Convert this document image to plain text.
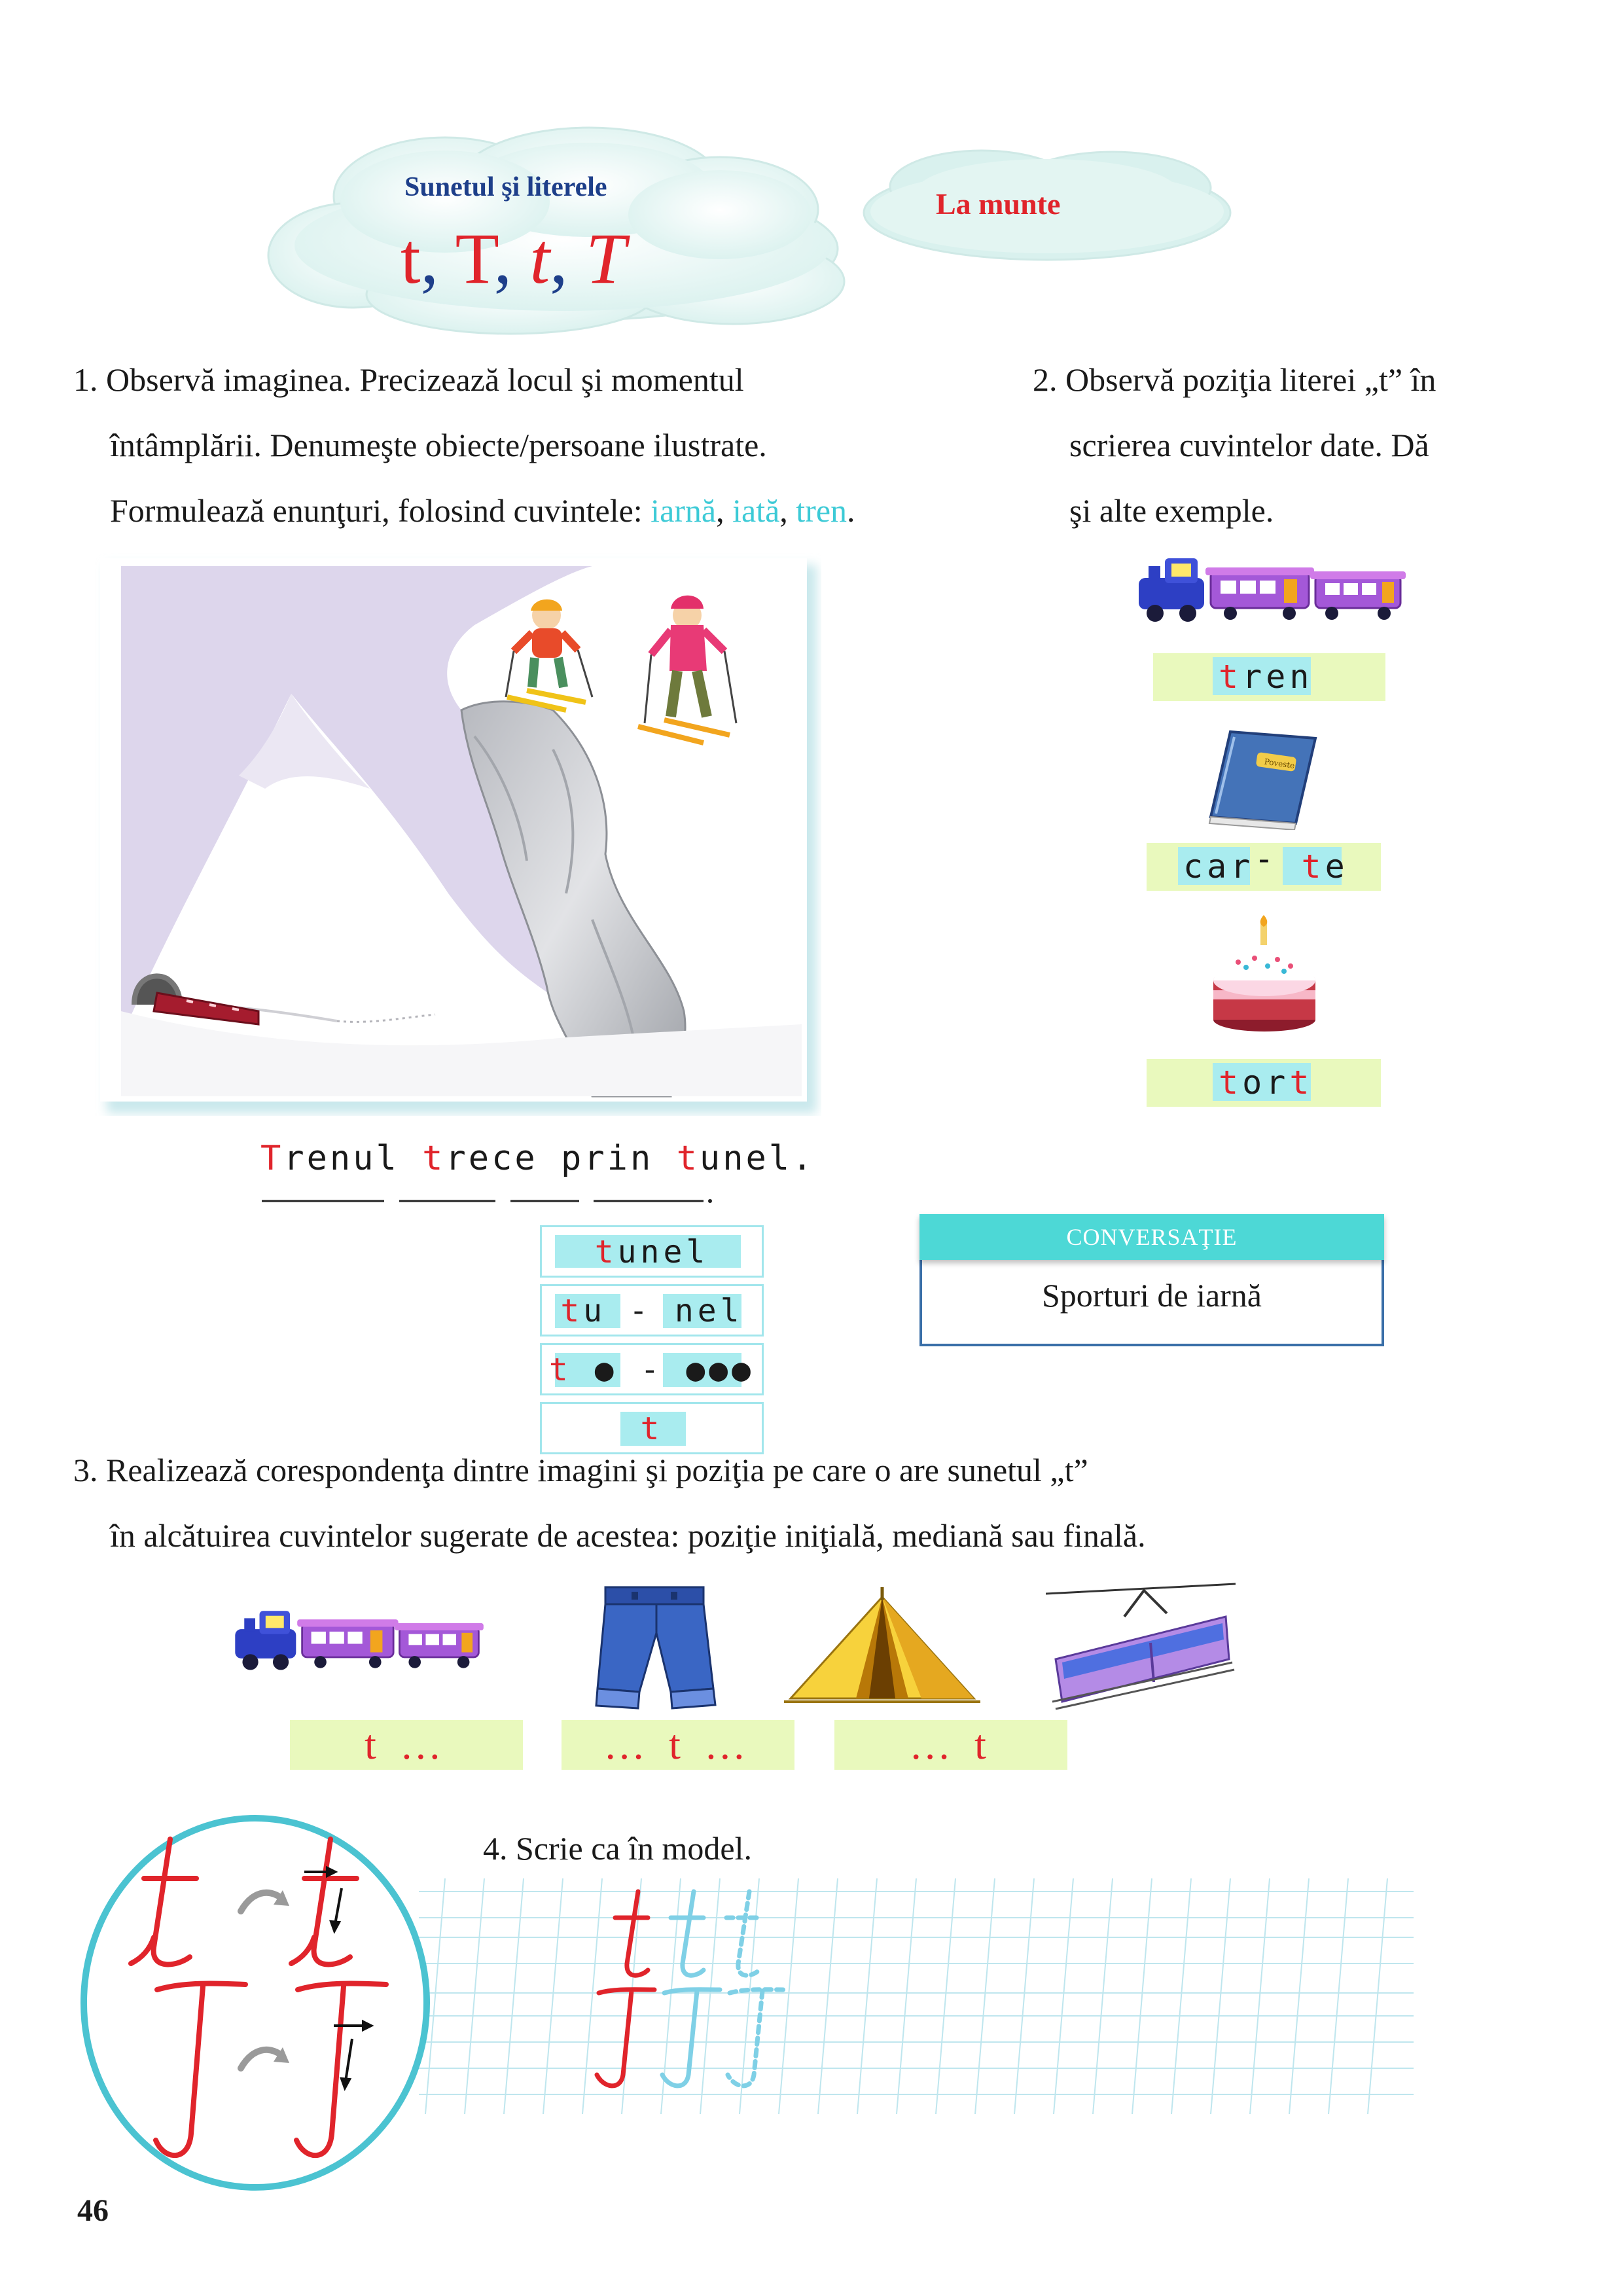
Sunetul şi literele
t, T, t, T
La munte
1. Observă imaginea. Precizează locul şi momentul
întâmplării. Denumeşte obiecte/persoane ilustrate.
Formulează enunţuri, folosind cuvintele: iarnă, iată, tren.
Trenul trece prin tunel.
tunel
tu - nel
t ● - ●●●
t
2. Observă poziţia literei „t” în
scrierea cuvintelor date. Dă
şi alte exemple.
tren
Poveste
car- te
tort
CONVERSAŢIE
Sporturi de iarnă
3. Realizează corespondenţa dintre imagini şi poziţia pe care o are sunetul „t”
în alcătuirea cuvintelor sugerate de acestea: poziţie iniţială, mediană sau finală.
t …	… t …	… t
4. Scrie ca în model.
46
